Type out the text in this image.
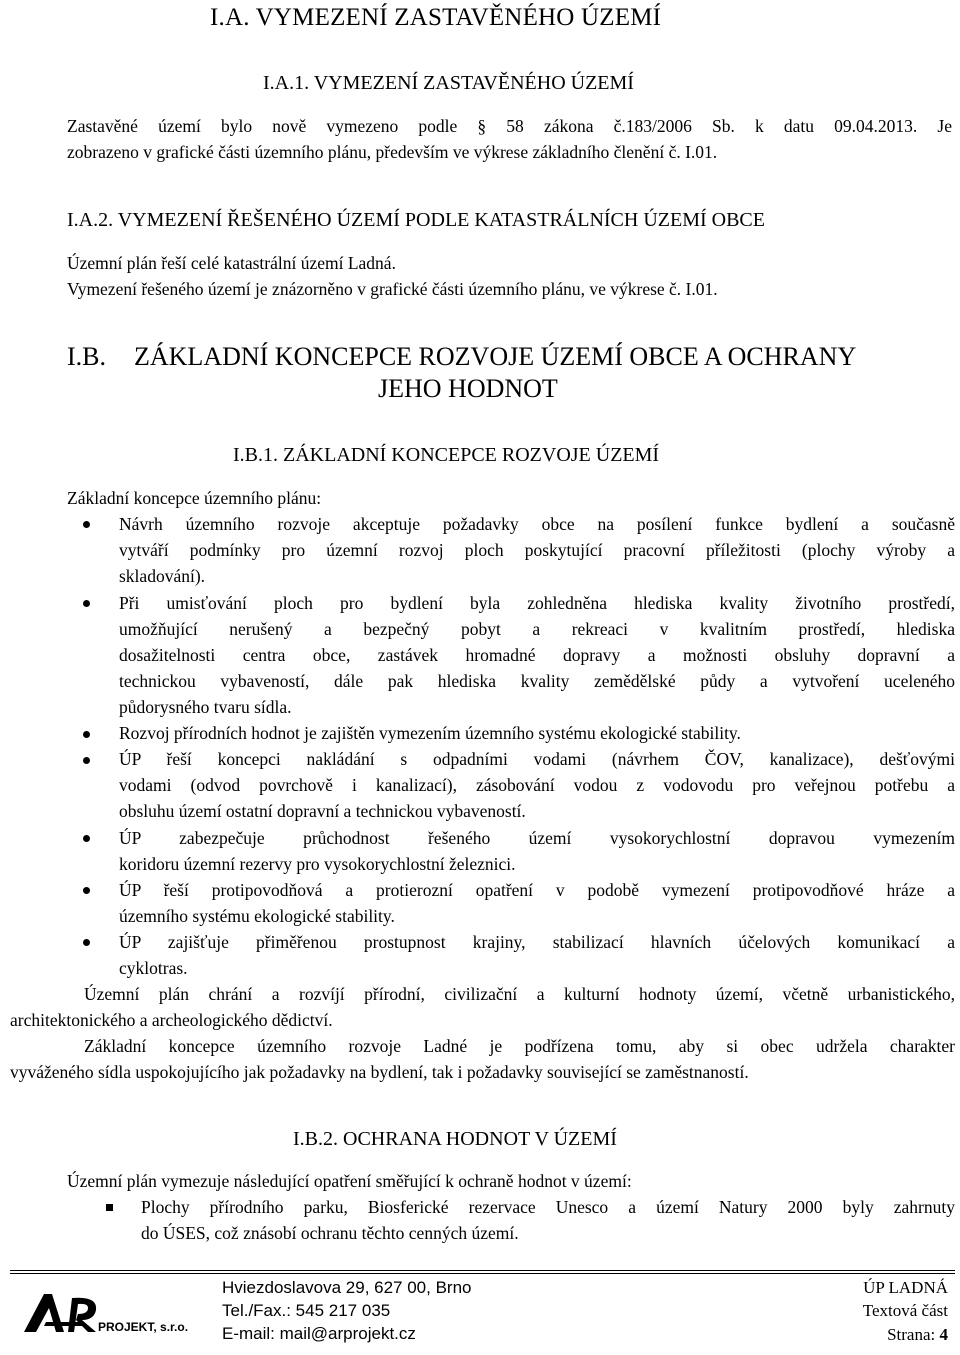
I.A. VYMEZENÍ ZASTAVĚNÉHO ÚZEMÍ
I.A.1. VYMEZENÍ ZASTAVĚNÉHO ÚZEMÍ
Zastavěné území bylo nově vymezeno podle § 58 zákona č.183/2006 Sb. k datu 09.04.2013. Je
zobrazeno v grafické části územního plánu, především ve výkrese základního členění č. I.01.
I.A.2. VYMEZENÍ ŘEŠENÉHO ÚZEMÍ PODLE KATASTRÁLNÍCH ÚZEMÍ OBCE
Územní plán řeší celé katastrální území Ladná.
Vymezení řešeného území je znázorněno v grafické části územního plánu, ve výkrese č. I.01.
I.B. ZÁKLADNÍ KONCEPCE ROZVOJE ÚZEMÍ OBCE A OCHRANY
JEHO HODNOT
I.B.1. ZÁKLADNÍ KONCEPCE ROZVOJE ÚZEMÍ
Základní koncepce územního plánu:
Návrh územního rozvoje akceptuje požadavky obce na posílení funkce bydlení a současně
vytváří podmínky pro územní rozvoj ploch poskytující pracovní příležitosti (plochy výroby a
skladování).
Při umisťování ploch pro bydlení byla zohledněna hlediska kvality životního prostředí,
umožňující nerušený a bezpečný pobyt a rekreaci v kvalitním prostředí, hlediska
dosažitelnosti centra obce, zastávek hromadné dopravy a možnosti obsluhy dopravní a
technickou vybaveností, dále pak hlediska kvality zemědělské půdy a vytvoření uceleného
půdorysného tvaru sídla.
Rozvoj přírodních hodnot je zajištěn vymezením územního systému ekologické stability.
ÚP řeší koncepci nakládání s odpadními vodami (návrhem ČOV, kanalizace), dešťovými
vodami (odvod povrchově i kanalizací), zásobování vodou z vodovodu pro veřejnou potřebu a
obsluhu území ostatní dopravní a technickou vybaveností.
ÚP zabezpečuje průchodnost řešeného území vysokorychlostní dopravou vymezením
koridoru územní rezervy pro vysokorychlostní železnici.
ÚP řeší protipovodňová a protierozní opatření v podobě vymezení protipovodňové hráze a
územního systému ekologické stability.
ÚP zajišťuje přiměřenou prostupnost krajiny, stabilizací hlavních účelových komunikací a
cyklotras.
Územní plán chrání a rozvíjí přírodní, civilizační a kulturní hodnoty území, včetně urbanistického,
architektonického a archeologického dědictví.
Základní koncepce územního rozvoje Ladné je podřízena tomu, aby si obec udržela charakter
vyváženého sídla uspokojujícího jak požadavky na bydlení, tak i požadavky související se zaměstnaností.
I.B.2. OCHRANA HODNOT V ÚZEMÍ
Územní plán vymezuje následující opatření směřující k ochraně hodnot v území:
Plochy přírodního parku, Biosferické rezervace Unesco a území Natury 2000 byly zahrnuty
do ÚSES, což znásobí ochranu těchto cenných území.
PROJEKT, s.r.o.
Hviezdoslavova 29, 627 00, Brno
Tel./Fax.: 545 217 035
E-mail: mail@arprojekt.cz
ÚP LADNÁ
Textová část
Strana: 4
